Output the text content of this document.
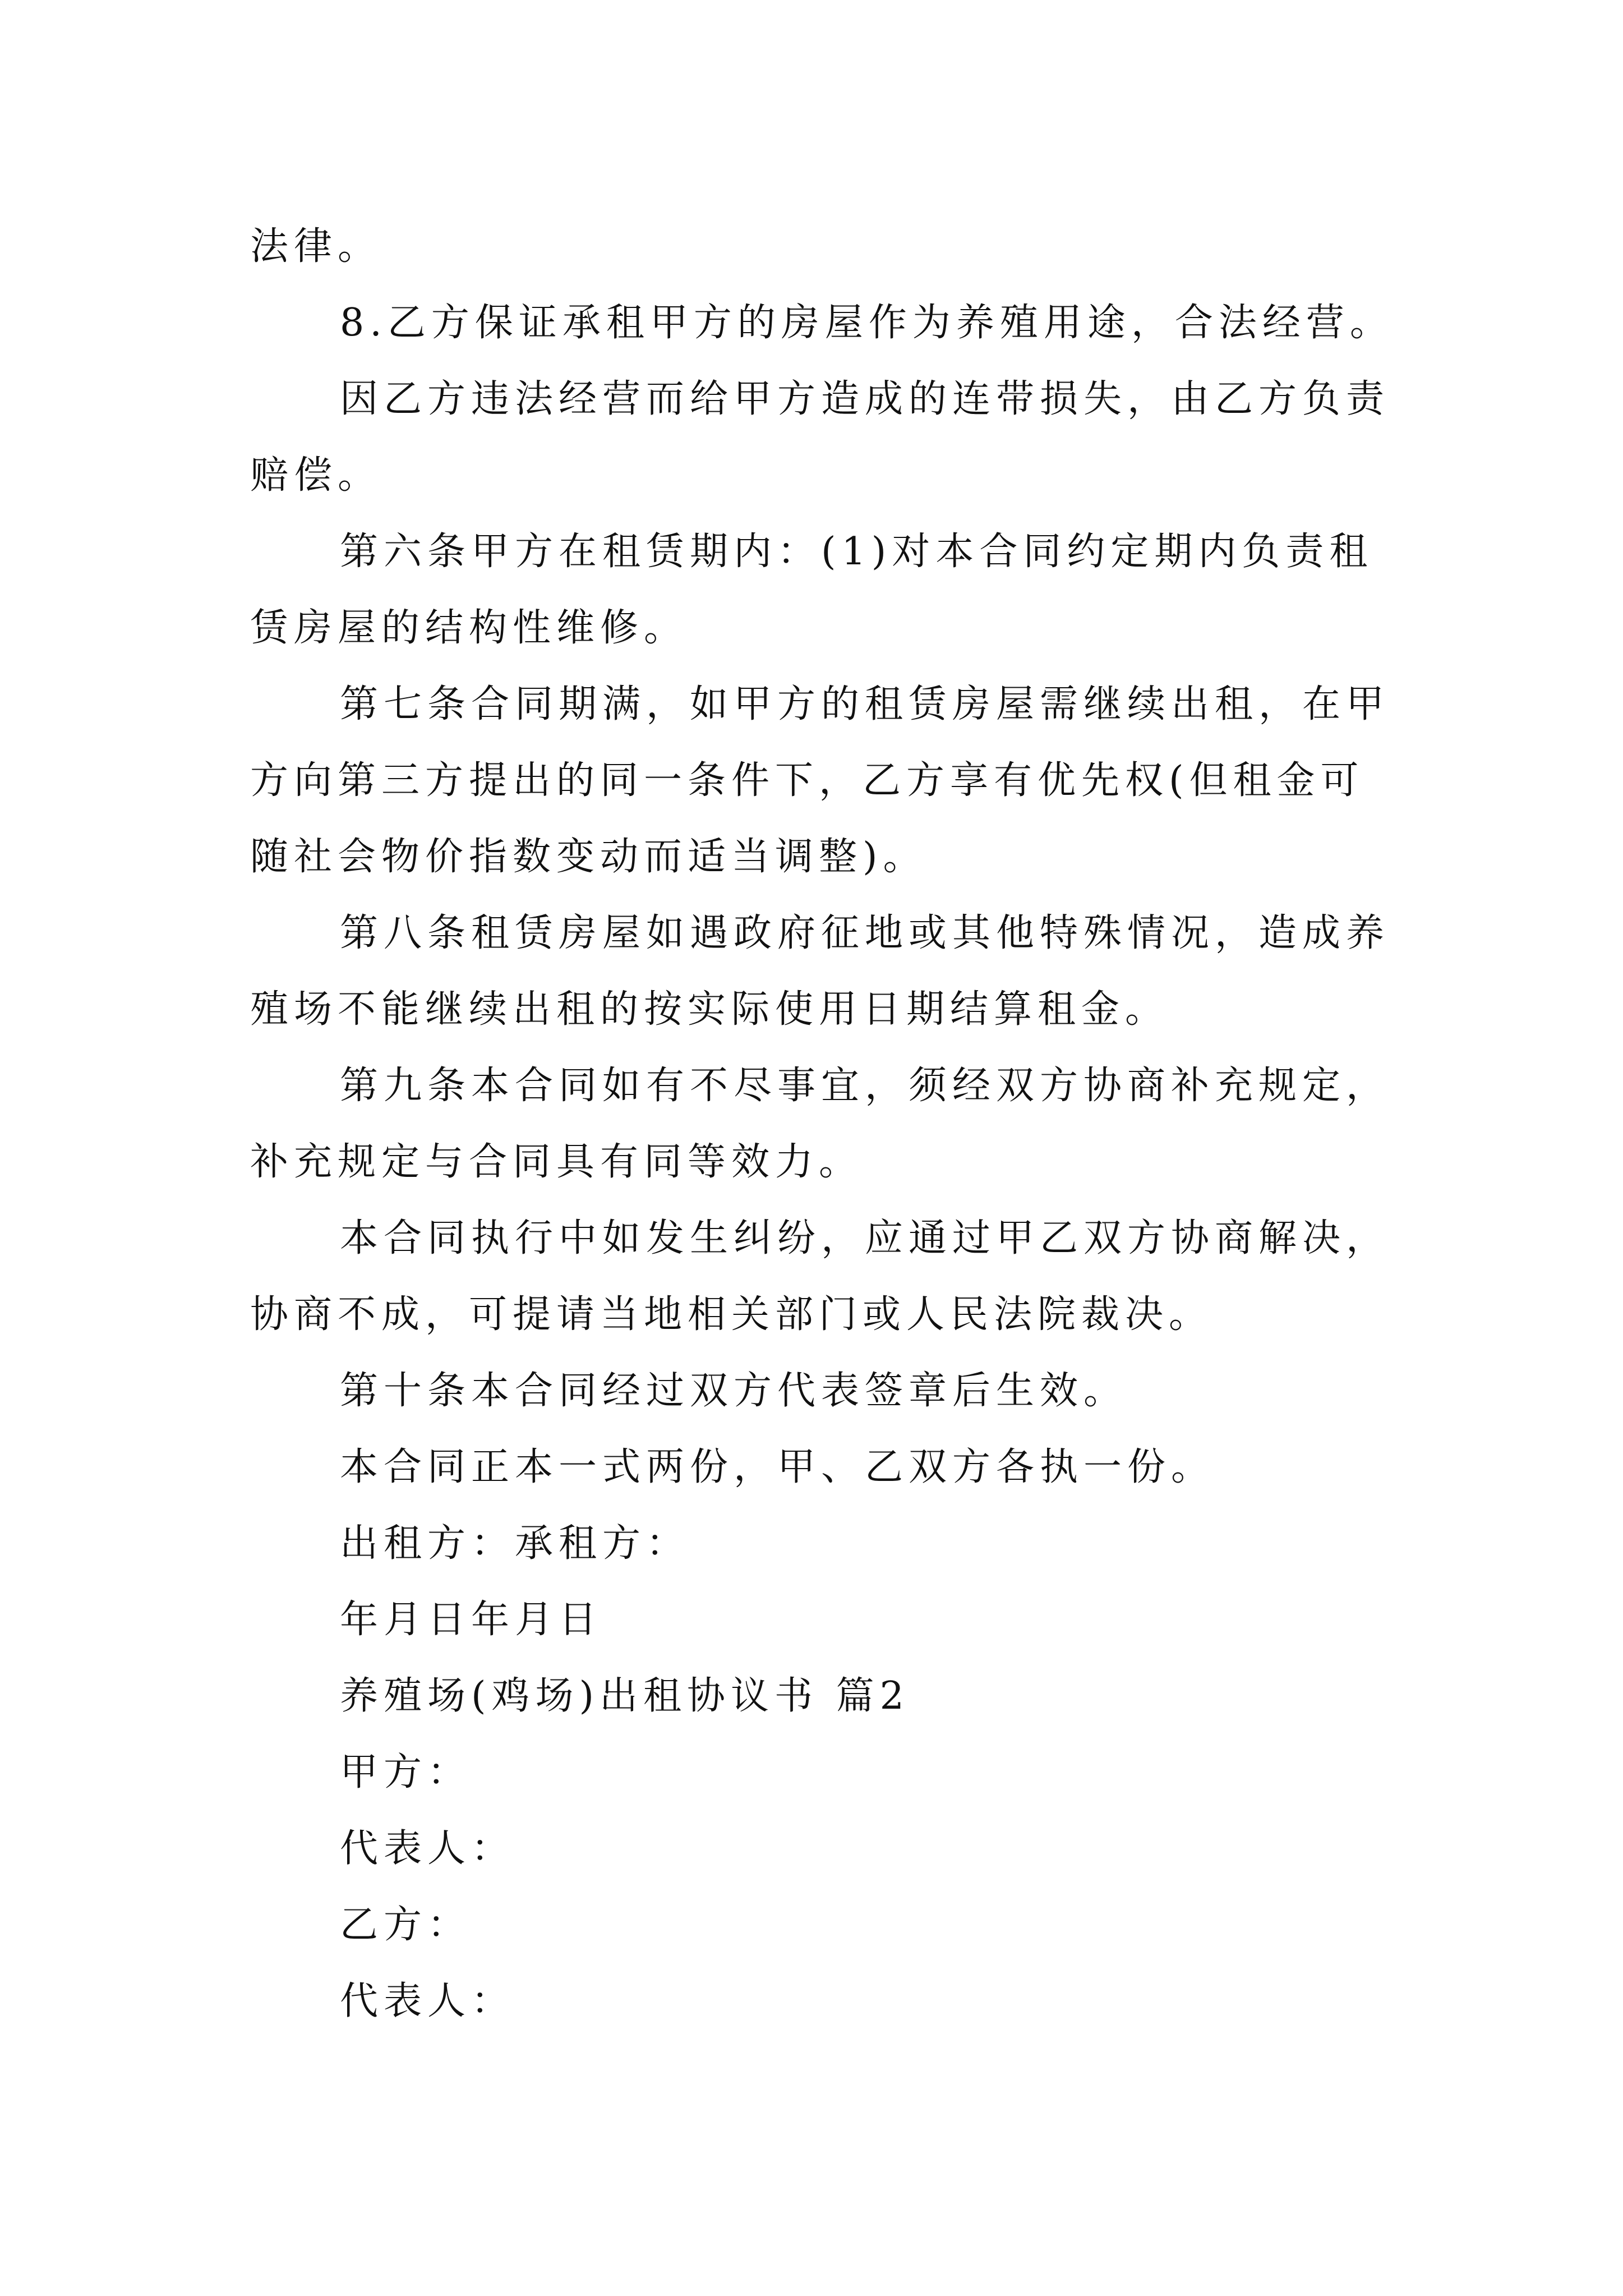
法律。
8.乙方保证承租甲方的房屋作为养殖用途，合法经营。
因乙方违法经营而给甲方造成的连带损失，由乙方负责
赔偿。
第六条甲方在租赁期内：(1)对本合同约定期内负责租
赁房屋的结构性维修。
第七条合同期满，如甲方的租赁房屋需继续出租，在甲
方向第三方提出的同一条件下，乙方享有优先权(但租金可
随社会物价指数变动而适当调整)。
第八条租赁房屋如遇政府征地或其他特殊情况，造成养
殖场不能继续出租的按实际使用日期结算租金。
第九条本合同如有不尽事宜，须经双方协商补充规定，
补充规定与合同具有同等效力。
本合同执行中如发生纠纷，应通过甲乙双方协商解决，
协商不成，可提请当地相关部门或人民法院裁决。
第十条本合同经过双方代表签章后生效。
本合同正本一式两份，甲、乙双方各执一份。
出租方：承租方：
年月日年月日
养殖场(鸡场)出租协议书 篇2
甲方：
代表人：
乙方：
代表人：
